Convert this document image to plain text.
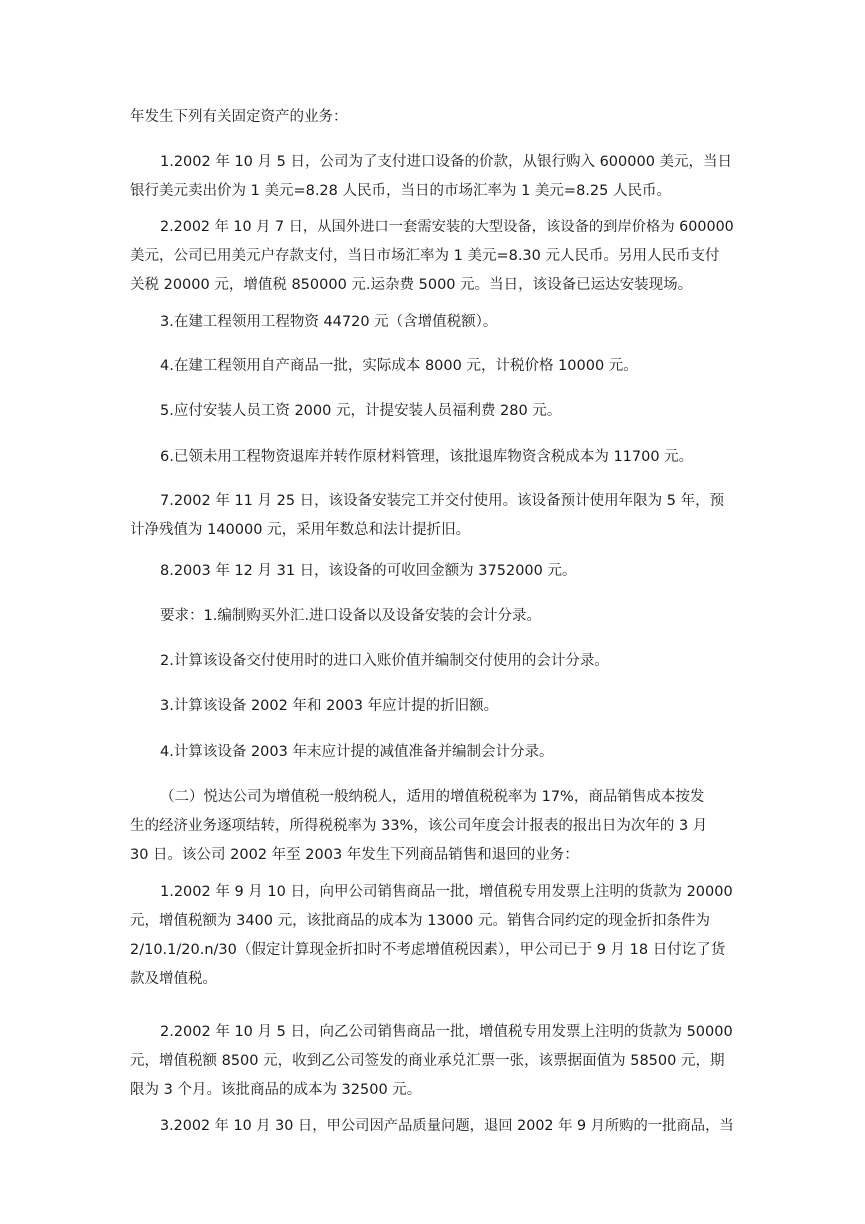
年发生下列有关固定资产的业务：
1.2002 年 10 月 5 日，公司为了支付进口设备的价款，从银行购入 600000 美元，当日
银行美元卖出价为 1 美元=8.28 人民币，当日的市场汇率为 1 美元=8.25 人民币。
2.2002 年 10 月 7 日，从国外进口一套需安装的大型设备，该设备的到岸价格为 600000
美元，公司已用美元户存款支付，当日市场汇率为 1 美元=8.30 元人民币。另用人民币支付
关税 20000 元，增值税 850000 元.运杂费 5000 元。当日，该设备已运达安装现场。
3.在建工程领用工程物资 44720 元（含增值税额）。
4.在建工程领用自产商品一批，实际成本 8000 元，计税价格 10000 元。
5.应付安装人员工资 2000 元，计提安装人员福利费 280 元。
6.已领未用工程物资退库并转作原材料管理，该批退库物资含税成本为 11700 元。
7.2002 年 11 月 25 日，该设备安装完工并交付使用。该设备预计使用年限为 5 年，预
计净残值为 140000 元，采用年数总和法计提折旧。
8.2003 年 12 月 31 日，该设备的可收回金额为 3752000 元。
要求：1.编制购买外汇.进口设备以及设备安装的会计分录。
2.计算该设备交付使用时的进口入账价值并编制交付使用的会计分录。
3.计算该设备 2002 年和 2003 年应计提的折旧额。
4.计算该设备 2003 年末应计提的减值准备并编制会计分录。
（二）悦达公司为增值税一般纳税人，适用的增值税税率为 17%，商品销售成本按发
生的经济业务逐项结转，所得税税率为 33%，该公司年度会计报表的报出日为次年的 3 月
30 日。该公司 2002 年至 2003 年发生下列商品销售和退回的业务：
1.2002 年 9 月 10 日，向甲公司销售商品一批，增值税专用发票上注明的货款为 20000
元，增值税额为 3400 元，该批商品的成本为 13000 元。销售合同约定的现金折扣条件为
2/10.1/20.n/30（假定计算现金折扣时不考虑增值税因素），甲公司已于 9 月 18 日付讫了货
款及增值税。
2.2002 年 10 月 5 日，向乙公司销售商品一批，增值税专用发票上注明的货款为 50000
元，增值税额 8500 元，收到乙公司签发的商业承兑汇票一张，该票据面值为 58500 元，期
限为 3 个月。该批商品的成本为 32500 元。
3.2002 年 10 月 30 日，甲公司因产品质量问题，退回 2002 年 9 月所购的一批商品，当
